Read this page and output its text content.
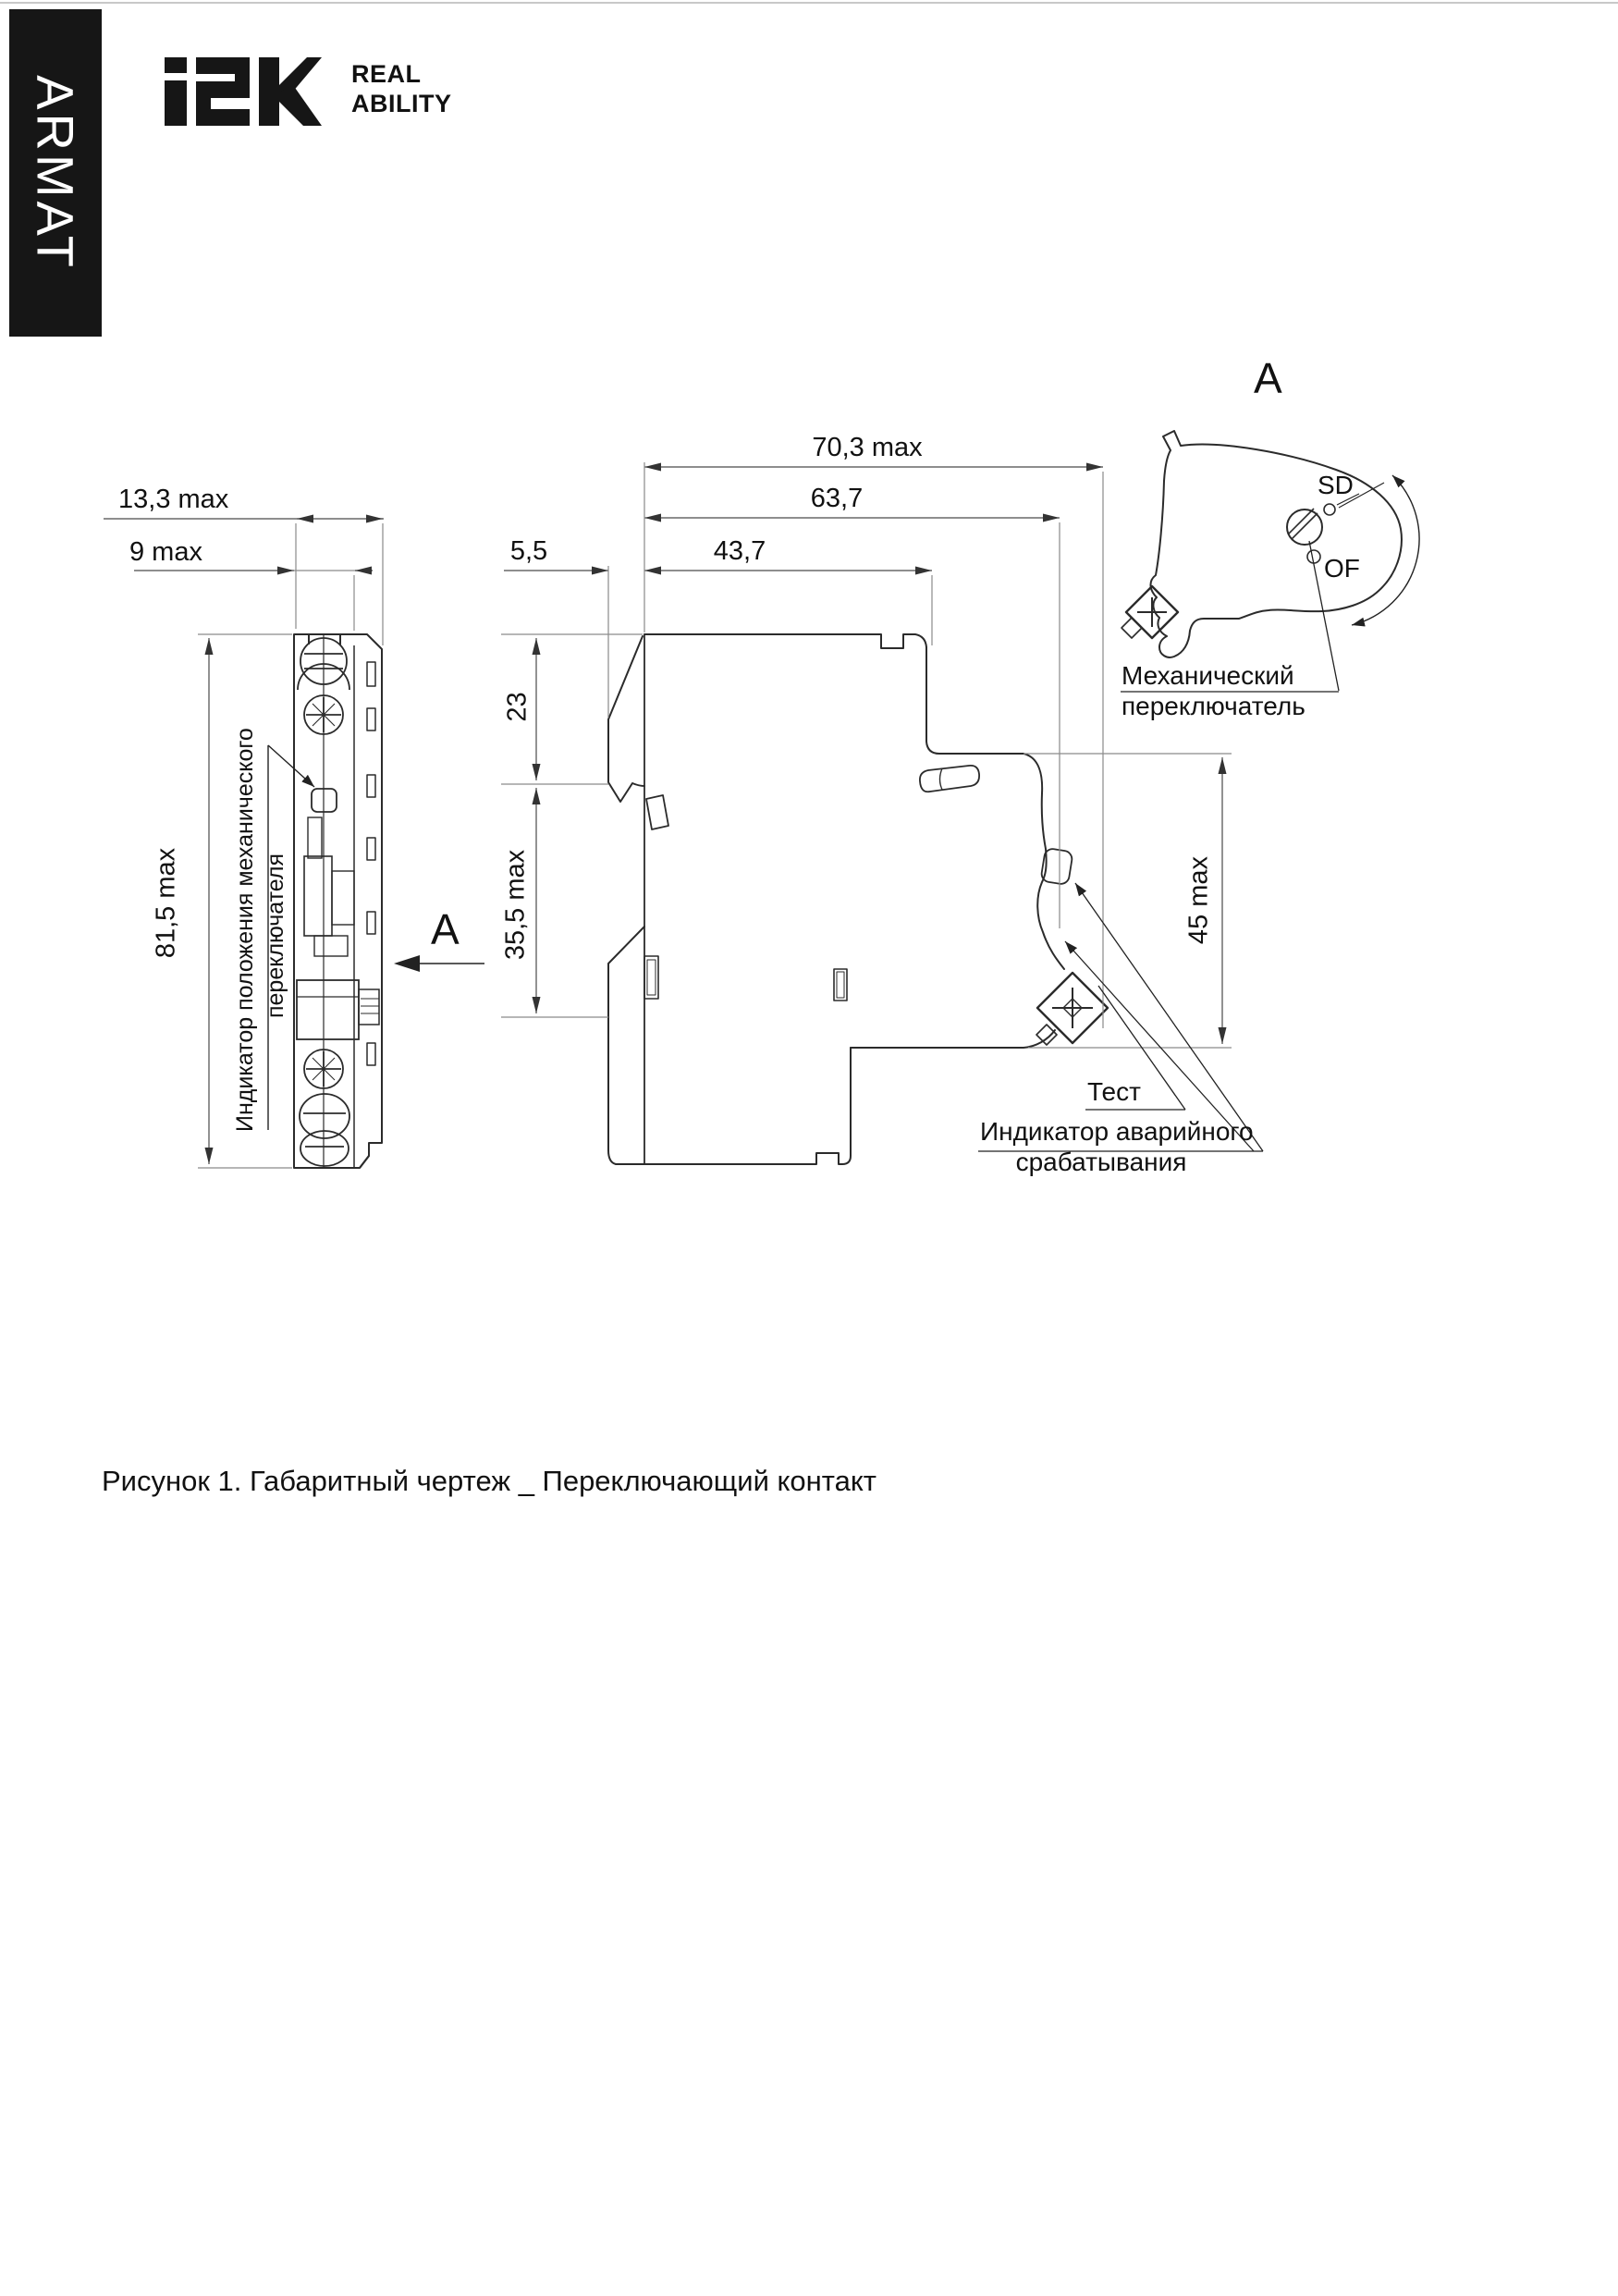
ARMAT
REAL
ABILITY
A
A
13,3 max
9 max
81,5 max
70,3 max
63,7
43,7
5,5
23
35,5 max	45 max
Индикатор положения механического переключателя
SD
OF
Механический
переключатель
Тест
Индикатор аварийного
срабатывания
Рисунок 1. Габаритный чертеж _ Переключающий контакт
